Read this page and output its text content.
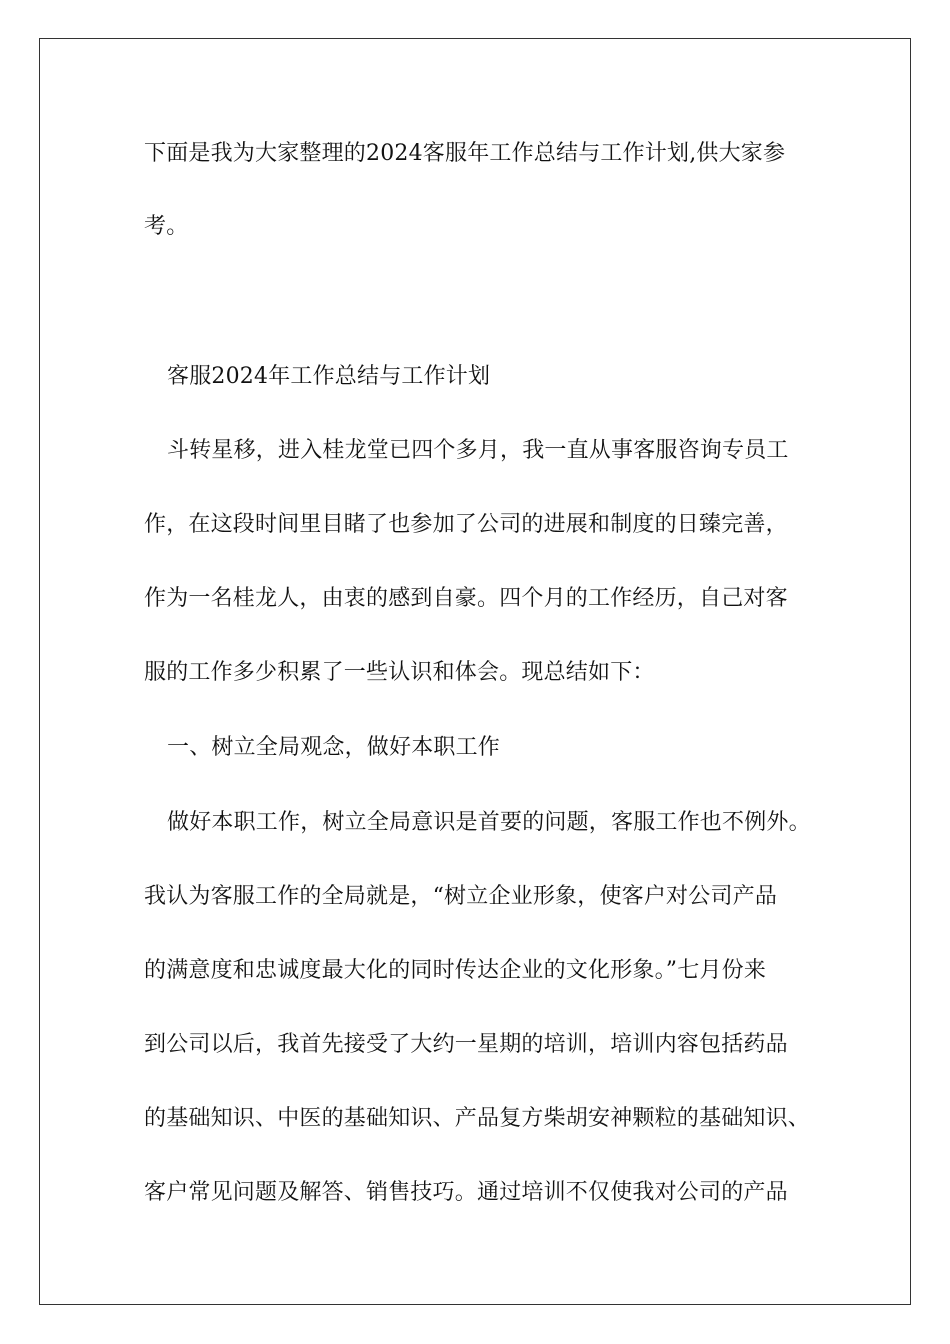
下面是我为大家整理的2024客服年工作总结与工作计划,供大家参
考。
客服2024年工作总结与工作计划
斗转星移，进入桂龙堂已四个多月，我一直从事客服咨询专员工
作，在这段时间里目睹了也参加了公司的进展和制度的日臻完善，
作为一名桂龙人，由衷的感到自豪。四个月的工作经历，自己对客
服的工作多少积累了一些认识和体会。现总结如下：
一、树立全局观念，做好本职工作
做好本职工作，树立全局意识是首要的问题，客服工作也不例外。
我认为客服工作的全局就是，“树立企业形象，使客户对公司产品
的满意度和忠诚度最大化的同时传达企业的文化形象。”七月份来
到公司以后，我首先接受了大约一星期的培训，培训内容包括药品
的基础知识、中医的基础知识、产品复方柴胡安神颗粒的基础知识、
客户常见问题及解答、销售技巧。通过培训不仅使我对公司的产品
